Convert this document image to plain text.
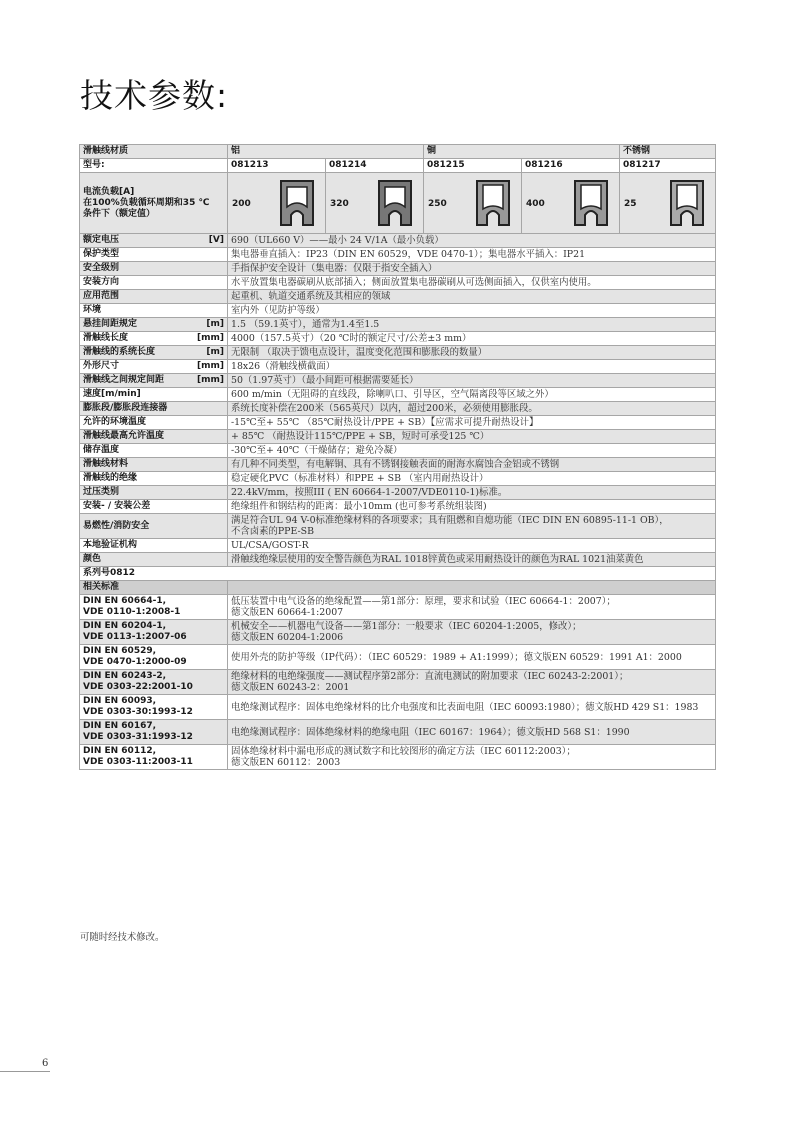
技术参数:
滑触线材质	铝		铜		不锈钢
型号:	081213	081214	081215	081216	081217
电流负载[A]
在100%负载循环周期和35 ℃
条件下（额定值）	200	320	250	400	25

额定电压 [V]	690（UL660 V）——最小 24 V/1A（最小负载）				

保护类型	集电器垂直插入：IP23（DIN EN 60529，VDE 0470-1）；集电器水平插入：IP21				

安全级别	手指保护安全设计（集电器：仅限于指安全插入）				

安装方向	水平放置集电器碳刷从底部插入；侧面放置集电器碳刷从可选侧面插入，仅供室内使用。				

应用范围	起重机、轨道交通系统及其相应的领域				

环境	室内外（见防护等级）				

悬挂间距规定 [m]	1.5 （59.1英寸），通常为1.4至1.5				

滑触线长度 [mm]	4000（157.5英寸）（20 ℃时的额定尺寸/公差±3 mm）				

滑触线的系统长度 [m]	无限制 （取决于馈电点设计，温度变化范围和膨胀段的数量）				

外形尺寸 [mm]	18x26（滑触线横截面）				

滑触线之间规定间距 [mm]	50（1.97英寸）（最小间距可根据需要延长）				

速度[m/min]	600 m/min（无阻碍的直线段，除喇叭口、引导区，空气隔离段等区域之外）				

膨胀段/膨胀段连接器	系统长度补偿在200米（565英尺）以内，超过200米，必须使用膨胀段。				

允许的环境温度	-15℃至+ 55℃ （85℃耐热设计/PPE + SB）【应需求可提升耐热设计】				

滑触线最高允许温度	+ 85℃ （耐热设计115℃/PPE + SB，短时可承受125 ℃）				

储存温度	-30℃至+ 40℃（干燥储存；避免冷凝）				

滑触线材料	有几种不同类型，有电解铜、具有不锈钢接触表面的耐海水腐蚀合金铝或不锈钢				

滑触线的绝缘	稳定硬化PVC（标准材料）和PPE + SB （室内用耐热设计）				

过压类别	22.4kV/mm，按照III ( EN 60664-1-2007/VDE0110-1)标准。				

安装- / 安装公差	绝缘组件和钢结构的距离：最小10mm (也可参考系统组装图)				

易燃性/消防安全	满足符合UL 94 V-0标准绝缘材料的各项要求；具有阻燃和自熄功能（IEC DIN EN 60895-11-1 OB），
不含卤素的PPE-SB				

本地验证机构	UL/CSA/GOST-R				

颜色	滑触线绝缘层使用的安全警告颜色为RAL 1018锌黄色或采用耐热设计的颜色为RAL 1021油菜黄色				
系列号0812					
相关标准					
DIN EN 60664-1,
VDE 0110-1:2008-1	低压装置中电气设备的绝缘配置——第1部分：原理，要求和试验（IEC 60664-1：2007）；
德文版EN 60664-1:2007				
DIN EN 60204-1,
VDE 0113-1:2007-06	机械安全——机器电气设备——第1部分：一般要求（IEC 60204-1:2005，修改）；
德文版EN 60204-1:2006				
DIN EN 60529,
VDE 0470-1:2000-09	使用外壳的防护等级（IP代码）：（IEC 60529：1989 + A1:1999）；德文版EN 60529：1991 A1：2000				
DIN EN 60243-2,
VDE 0303-22:2001-10	绝缘材料的电绝缘强度——测试程序第2部分：直流电测试的附加要求（IEC 60243-2:2001）；
德文版EN 60243-2：2001				
DIN EN 60093,
VDE 0303-30:1993-12	电绝缘测试程序：固体电绝缘材料的比介电强度和比表面电阻（IEC 60093:1980）；德文版HD 429 S1：1983				
DIN EN 60167,
VDE 0303-31:1993-12	电绝缘测试程序：固体绝缘材料的绝缘电阻（IEC 60167：1964）；德文版HD 568 S1：1990				
DIN EN 60112,
VDE 0303-11:2003-11	固体绝缘材料中漏电形成的测试数字和比较图形的确定方法（IEC 60112:2003）；
德文版EN 60112：2003				
可随时经技术修改。
6
